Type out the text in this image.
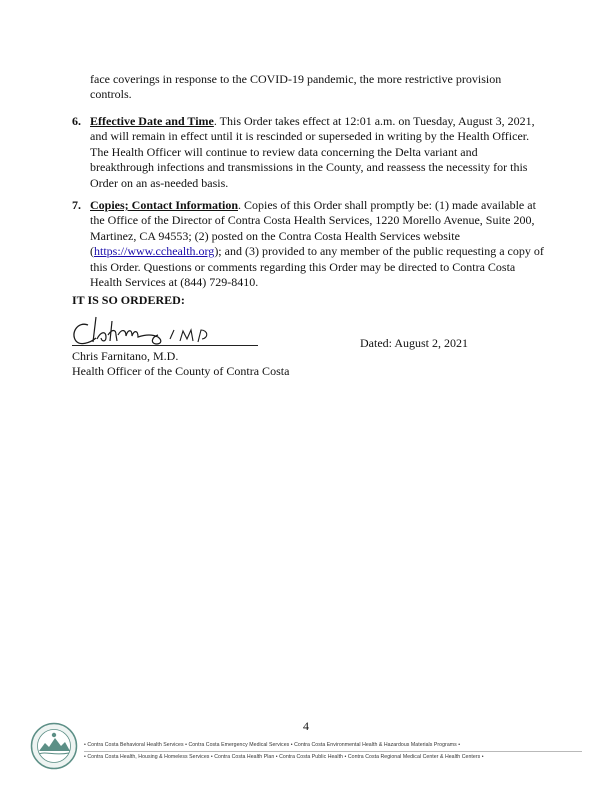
face coverings in response to the COVID-19 pandemic, the more restrictive provision controls.

6. Effective Date and Time. This Order takes effect at 12:01 a.m. on Tuesday, August 3, 2021, and will remain in effect until it is rescinded or superseded in writing by the Health Officer. The Health Officer will continue to review data concerning the Delta variant and breakthrough infections and transmissions in the County, and reassess the necessity for this Order on an as-needed basis.

7. Copies; Contact Information. Copies of this Order shall promptly be: (1) made available at the Office of the Director of Contra Costa Health Services, 1220 Morello Avenue, Suite 200, Martinez, CA 94553; (2) posted on the Contra Costa Health Services website (https://www.cchealth.org); and (3) provided to any member of the public requesting a copy of this Order. Questions or comments regarding this Order may be directed to Contra Costa Health Services at (844) 729-8410.

IT IS SO ORDERED:
Chris Farnitano, M.D.
Health Officer of the County of Contra Costa
Dated: August 2, 2021
4
• Contra Costa Behavioral Health Services • Contra Costa Emergency Medical Services • Contra Costa Environmental Health & Hazardous Materials Programs •
• Contra Costa Health, Housing & Homeless Services • Contra Costa Health Plan • Contra Costa Public Health • Contra Costa Regional Medical Center & Health Centers •
